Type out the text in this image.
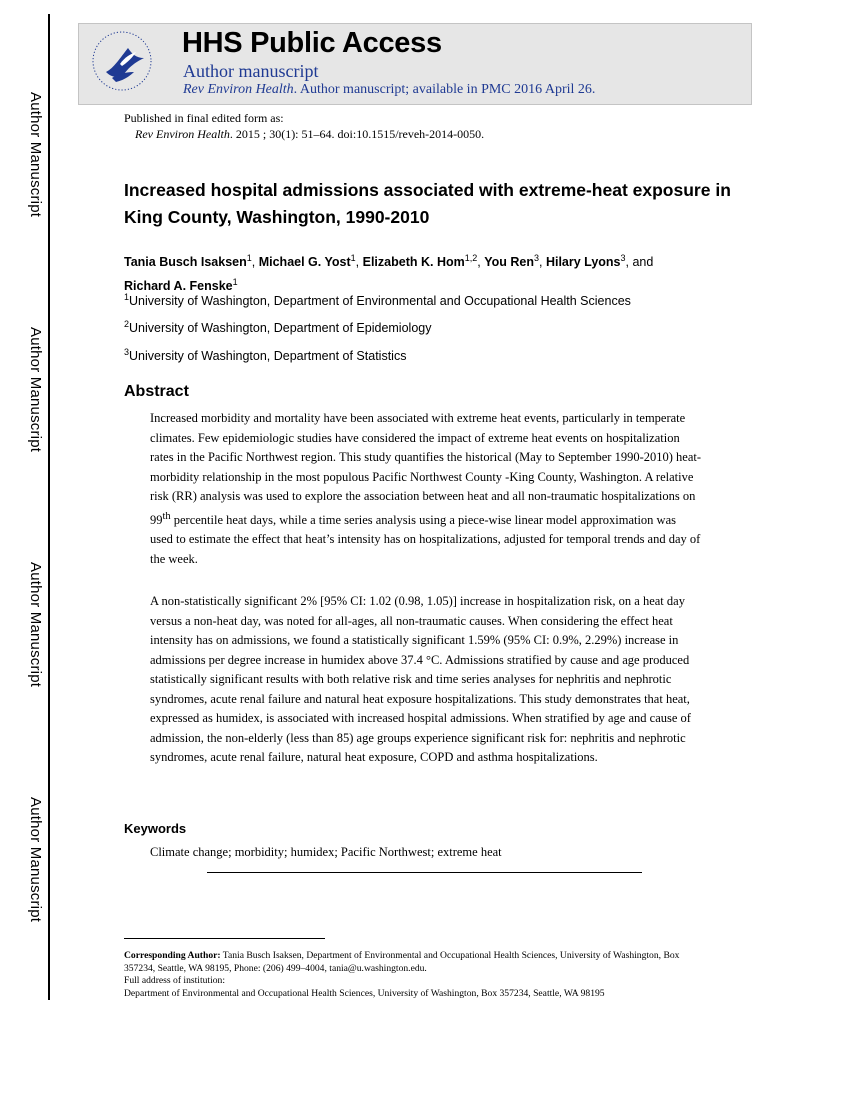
Author Manuscript
Author Manuscript
Author Manuscript
Author Manuscript
HHS Public Access
Author manuscript
Rev Environ Health. Author manuscript; available in PMC 2016 April 26.
Published in final edited form as:
Rev Environ Health. 2015 ; 30(1): 51–64. doi:10.1515/reveh-2014-0050.
Increased hospital admissions associated with extreme-heat exposure in King County, Washington, 1990-2010
Tania Busch Isaksen$^1$, Michael G. Yost$^1$, Elizabeth K. Hom$^{1,2}$, You Ren$^3$, Hilary Lyons$^3$, and
Richard A. Fenske$^1$
$^1$University of Washington, Department of Environmental and Occupational Health Sciences
$^2$University of Washington, Department of Epidemiology
$^3$University of Washington, Department of Statistics
Abstract

Increased morbidity and mortality have been associated with extreme heat events, particularly in temperate climates. Few epidemiologic studies have considered the impact of extreme heat events on hospitalization rates in the Pacific Northwest region. This study quantifies the historical (May to September 1990-2010) heat-morbidity relationship in the most populous Pacific Northwest County -King County, Washington. A relative risk (RR) analysis was used to explore the association between heat and all non-traumatic hospitalizations on 99th percentile heat days, while a time series analysis using a piece-wise linear model approximation was used to estimate the effect that heat’s intensity has on hospitalizations, adjusted for temporal trends and day of the week.

A non-statistically significant 2% [95% CI: 1.02 (0.98, 1.05)] increase in hospitalization risk, on a heat day versus a non-heat day, was noted for all-ages, all non-traumatic causes. When considering the effect heat intensity has on admissions, we found a statistically significant 1.59% (95% CI: 0.9%, 2.29%) increase in admissions per degree increase in humidex above 37.4 °C. Admissions stratified by cause and age produced statistically significant results with both relative risk and time series analyses for nephritis and nephrotic syndromes, acute renal failure and natural heat exposure hospitalizations. This study demonstrates that heat, expressed as humidex, is associated with increased hospital admissions. When stratified by age and cause of admission, the non-elderly (less than 85) age groups experience significant risk for: nephritis and nephrotic syndromes, acute renal failure, natural heat exposure, COPD and asthma hospitalizations.

Keywords
Climate change; morbidity; humidex; Pacific Northwest; extreme heat
Corresponding Author: Tania Busch Isaksen, Department of Environmental and Occupational Health Sciences, University of Washington, Box 357234, Seattle, WA 98195, Phone: (206) 499–4004, tania@u.washington.edu.
Full address of institution:
Department of Environmental and Occupational Health Sciences, University of Washington, Box 357234, Seattle, WA 98195
